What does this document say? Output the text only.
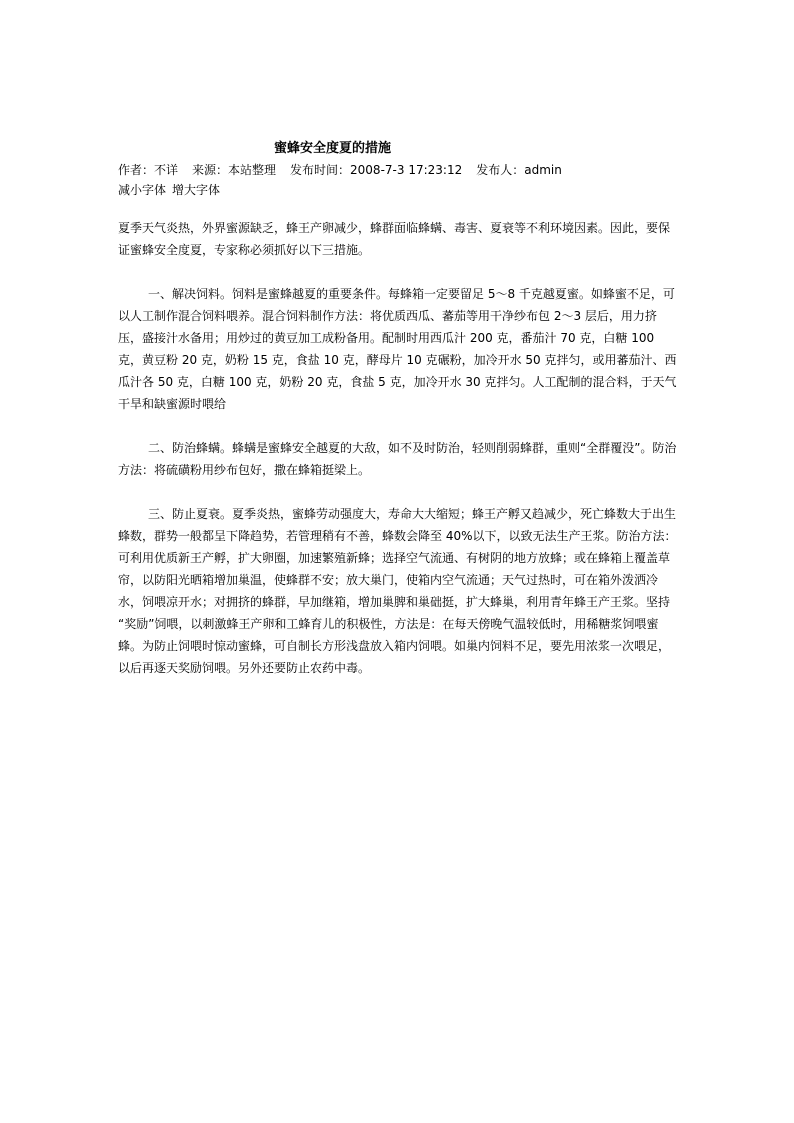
蜜蜂安全度夏的措施
作者：不详 来源：本站整理 发布时间：2008-7-3 17:23:12 发布人：admin
减小字体 增大字体
夏季天气炎热，外界蜜源缺乏，蜂王产卵减少，蜂群面临蜂螨、毒害、夏衰等不利环境因素。因此，要保证蜜蜂安全度夏，专家称必须抓好以下三措施。
一、解决饲料。饲料是蜜蜂越夏的重要条件。每蜂箱一定要留足 5～8 千克越夏蜜。如蜂蜜不足，可以人工制作混合饲料喂养。混合饲料制作方法：将优质西瓜、蕃茄等用干净纱布包 2～3 层后，用力挤压，盛接汁水备用；用炒过的黄豆加工成粉备用。配制时用西瓜汁 200 克，番茄汁 70 克，白糖 100 克，黄豆粉 20 克，奶粉 15 克，食盐 10 克，酵母片 10 克碾粉，加冷开水 50 克拌匀，或用蕃茄汁、西瓜汁各 50 克，白糖 100 克，奶粉 20 克，食盐 5 克，加冷开水 30 克拌匀。人工配制的混合料，于天气干旱和缺蜜源时喂给
二、防治蜂螨。蜂螨是蜜蜂安全越夏的大敌，如不及时防治，轻则削弱蜂群，重则“全群覆没”。防治方法：将硫磺粉用纱布包好，撒在蜂箱挺梁上。
三、防止夏衰。夏季炎热，蜜蜂劳动强度大，寿命大大缩短；蜂王产孵又趋减少，死亡蜂数大于出生蜂数，群势一般都呈下降趋势，若管理稍有不善，蜂数会降至 40%以下，以致无法生产王浆。防治方法：可利用优质新王产孵，扩大卵圈，加速繁殖新蜂；选择空气流通、有树阴的地方放蜂；或在蜂箱上覆盖草帘，以防阳光晒箱增加巢温，使蜂群不安；放大巢门，使箱内空气流通；天气过热时，可在箱外泼洒冷水，饲喂凉开水；对拥挤的蜂群，早加继箱，增加巢脾和巢础挺，扩大蜂巢，利用青年蜂王产王浆。坚持 “奖励”饲喂，以刺激蜂王产卵和工蜂育儿的积极性，方法是：在每天傍晚气温较低时，用稀糖浆饲喂蜜蜂。为防止饲喂时惊动蜜蜂，可自制长方形浅盘放入箱内饲喂。如巢内饲料不足，要先用浓浆一次喂足，以后再逐天奖励饲喂。另外还要防止农药中毒。
